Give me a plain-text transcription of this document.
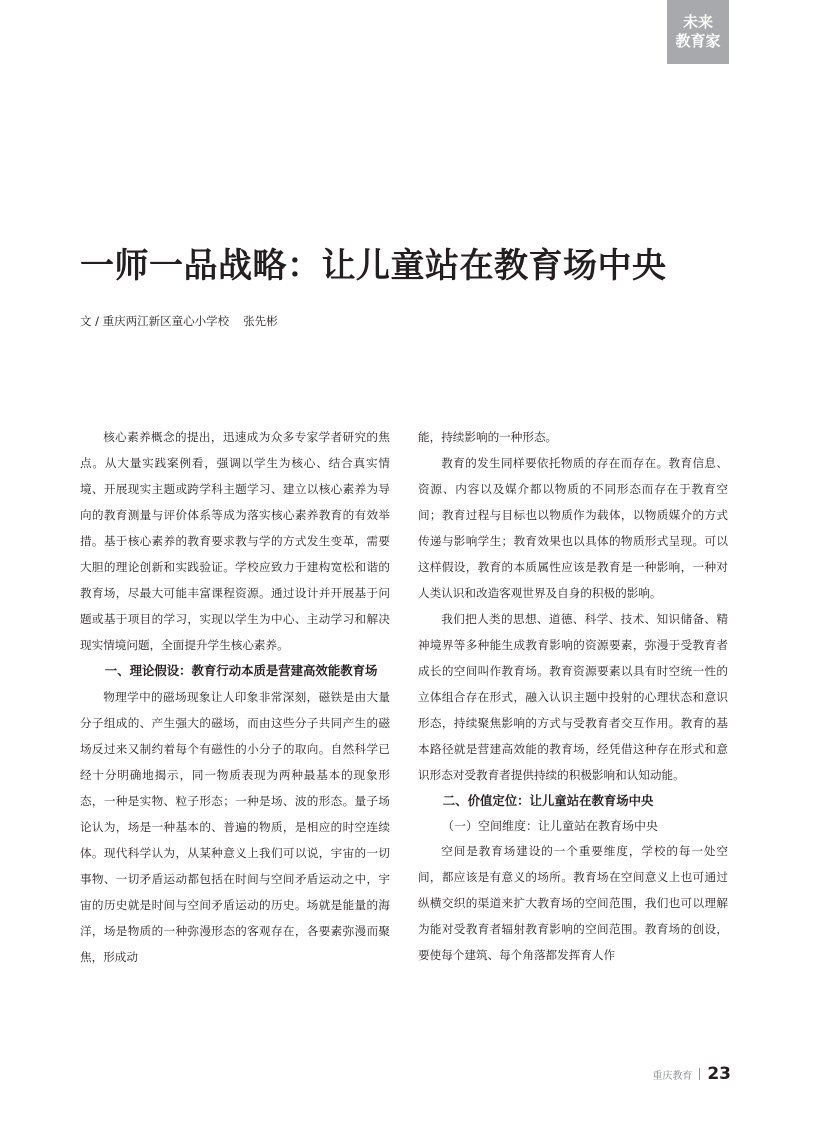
未来
教育家
一师一品战略：让儿童站在教育场中央
文 / 重庆两江新区童心小学校 张先彬

核心素养概念的提出，迅速成为众多专家学者研究的焦点。从大量实践案例看，强调以学生为核心、结合真实情境、开展现实主题或跨学科主题学习、建立以核心素养为导向的教育测量与评价体系等成为落实核心素养教育的有效举措。基于核心素养的教育要求教与学的方式发生变革，需要大胆的理论创新和实践验证。学校应致力于建构宽松和谐的教育场，尽最大可能丰富课程资源。通过设计并开展基于问题或基于项目的学习，实现以学生为中心、主动学习和解决现实情境问题，全面提升学生核心素养。

一、理论假设：教育行动本质是营建高效能教育场

物理学中的磁场现象让人印象非常深刻，磁铁是由大量分子组成的、产生强大的磁场，而由这些分子共同产生的磁场反过来又制约着每个有磁性的小分子的取向。自然科学已经十分明确地揭示，同一物质表现为两种最基本的现象形态，一种是实物、粒子形态；一种是场、波的形态。量子场论认为，场是一种基本的、普遍的物质，是相应的时空连续体。现代科学认为，从某种意义上我们可以说，宇宙的一切事物、一切矛盾运动都包括在时间与空间矛盾运动之中，宇宙的历史就是时间与空间矛盾运动的历史。场就是能量的海洋，场是物质的一种弥漫形态的客观存在，各要素弥漫而聚焦，形成动

能，持续影响的一种形态。

教育的发生同样要依托物质的存在而存在。教育信息、资源、内容以及媒介都以物质的不同形态而存在于教育空间；教育过程与目标也以物质作为载体，以物质媒介的方式传递与影响学生；教育效果也以具体的物质形式呈现。可以这样假设，教育的本质属性应该是教育是一种影响，一种对人类认识和改造客观世界及自身的积极的影响。

我们把人类的思想、道德、科学、技术、知识储备、精神境界等多种能生成教育影响的资源要素，弥漫于受教育者成长的空间叫作教育场。教育资源要素以具有时空统一性的立体组合存在形式，融入认识主题中投射的心理状态和意识形态，持续聚焦影响的方式与受教育者交互作用。教育的基本路径就是营建高效能的教育场，经凭借这种存在形式和意识形态对受教育者提供持续的积极影响和认知动能。

二、价值定位：让儿童站在教育场中央
（一）空间维度：让儿童站在教育场中央

空间是教育场建设的一个重要维度，学校的每一处空间，都应该是有意义的场所。教育场在空间意义上也可通过纵横交织的渠道来扩大教育场的空间范围，我们也可以理解为能对受教育者辐射教育影响的空间范围。教育场的创设，要使每个建筑、每个角落都发挥育人作

重庆教育 23
